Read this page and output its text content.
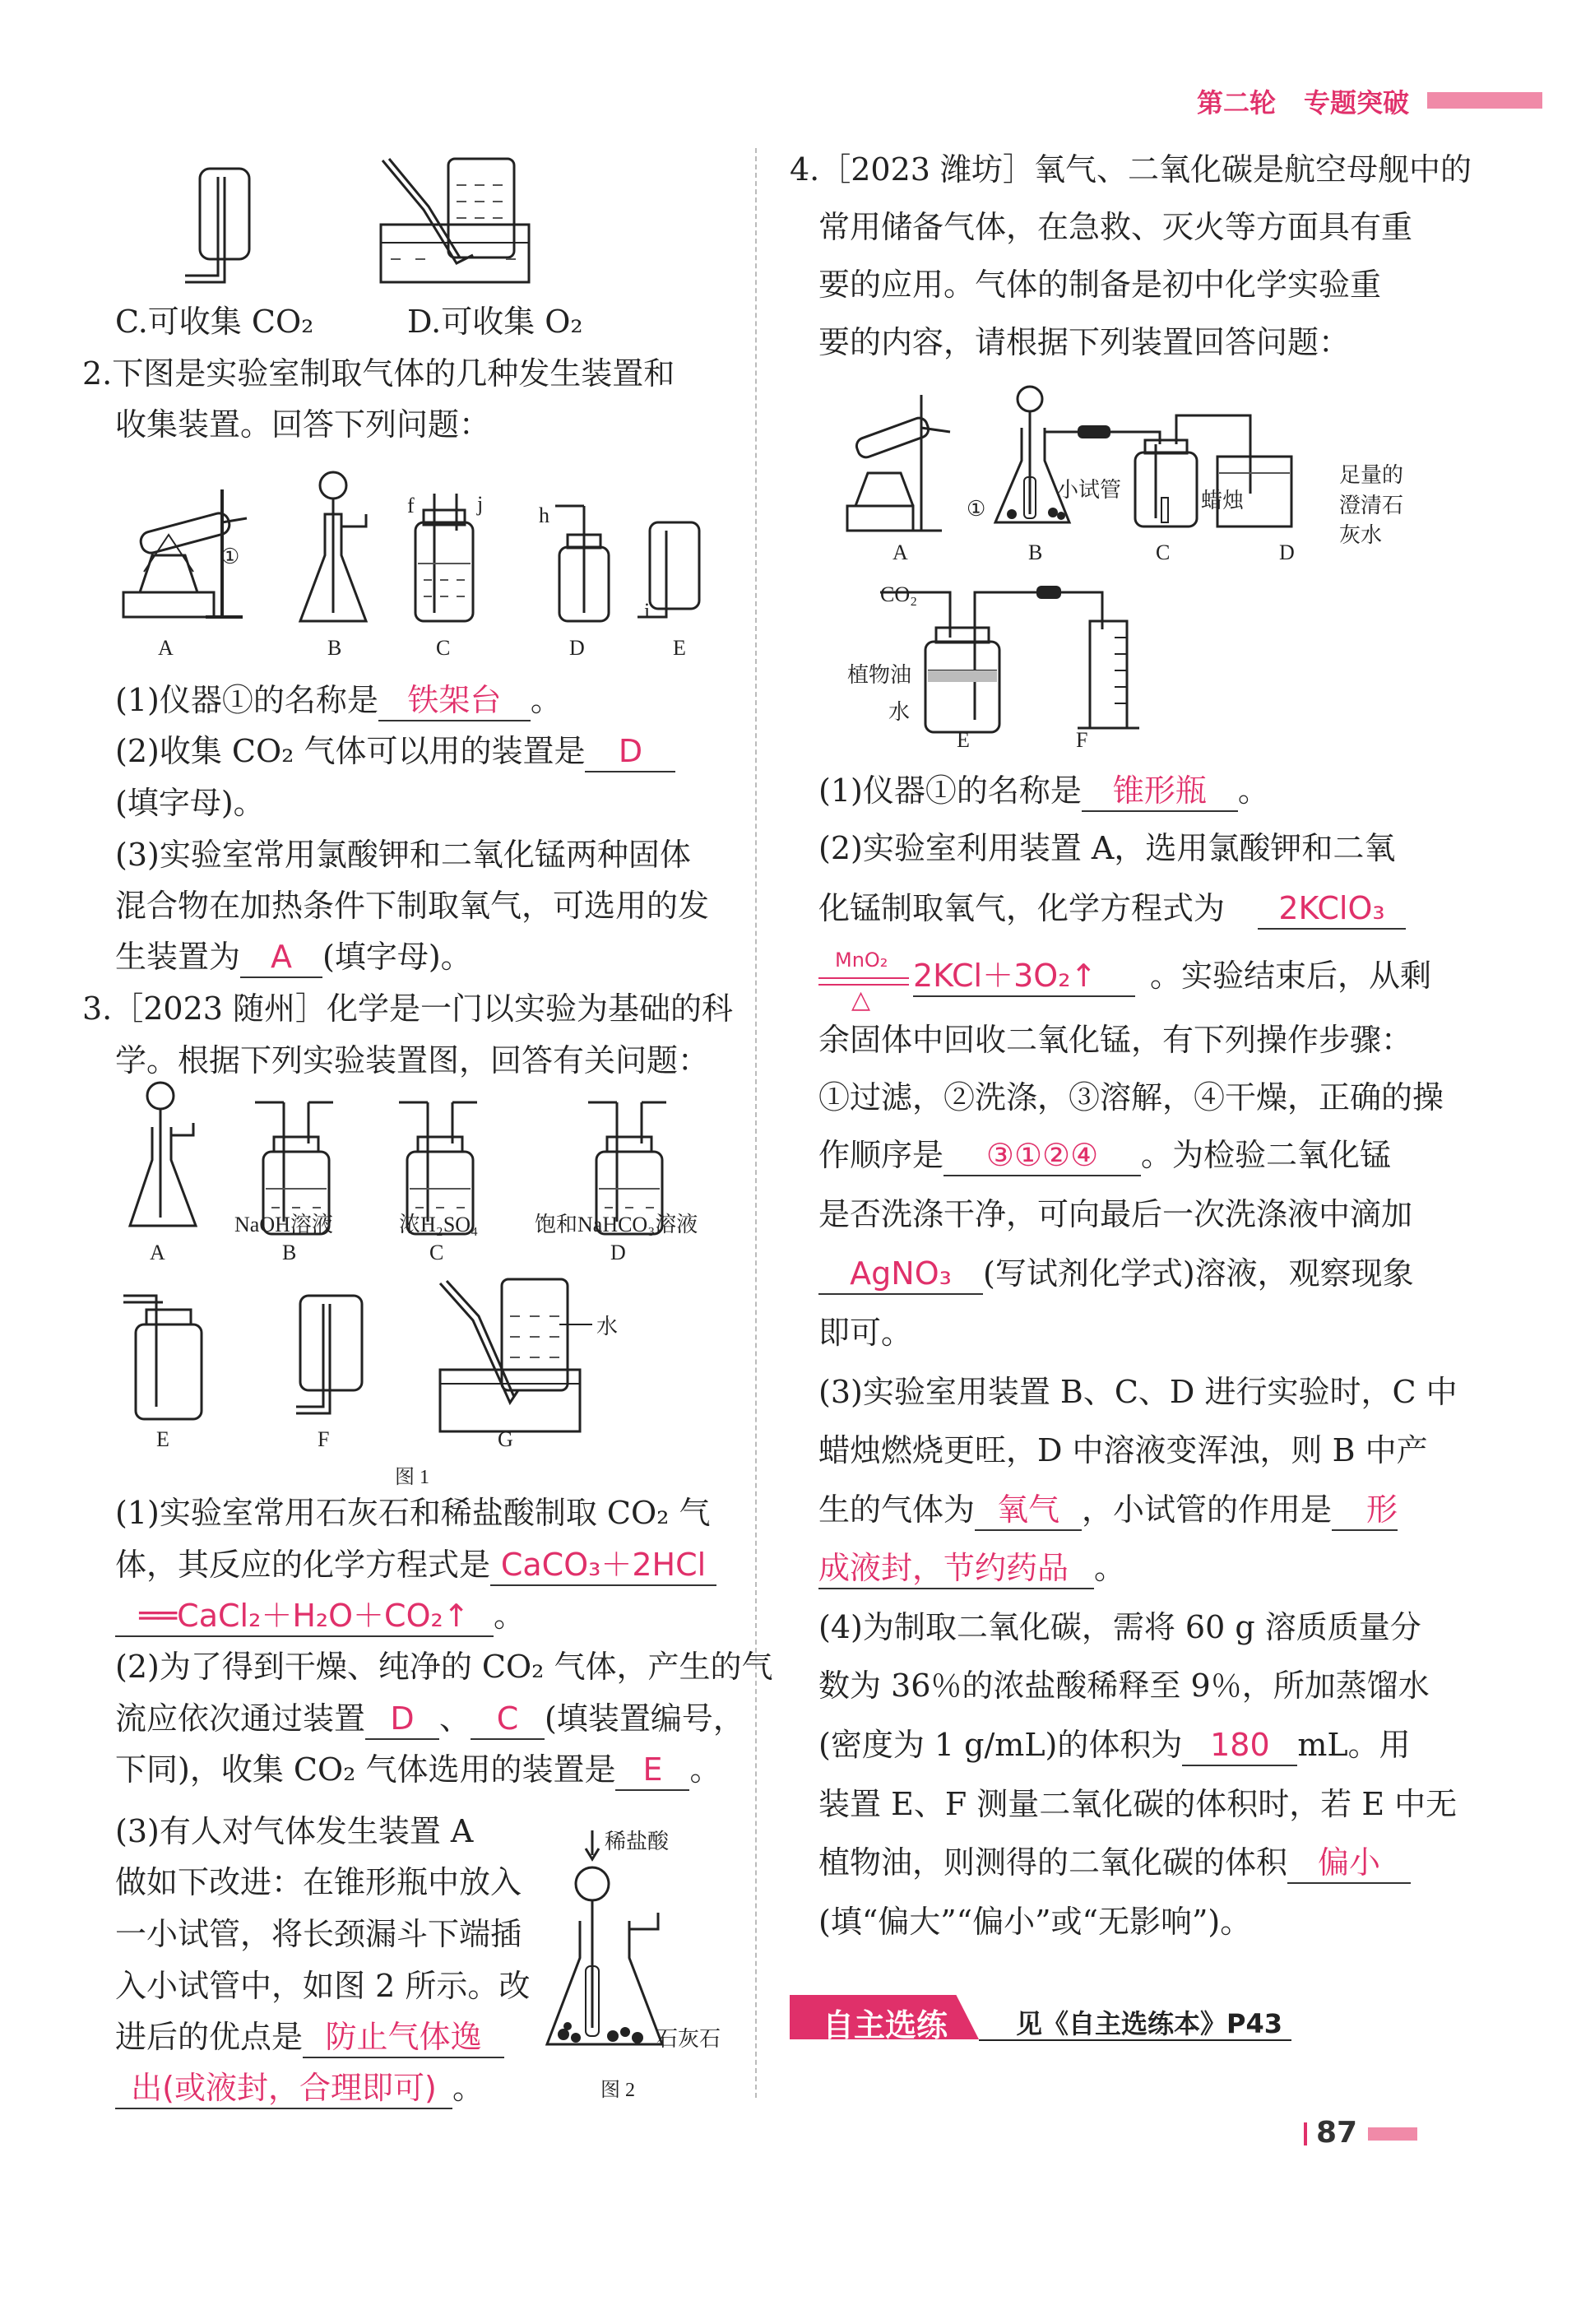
第二轮 专题突破
C.可收集 CO₂	D.可收集 O₂
2.下图是实验室制取气体的几种发生装置和
收集装置。回答下列问题：
f	j	h
i
①
A	B	C	D	E
(1)仪器①的名称是 铁架台 。
(2)收集 CO₂ 气体可以用的装置是 D
(填字母)。
(3)实验室常用氯酸钾和二氧化锰两种固体
混合物在加热条件下制取氧气，可选用的发
生装置为 A (填字母)。
3.［2023 随州］化学是一门以实验为基础的科
学。根据下列实验装置图，回答有关问题：
A
NaOH溶液
B
浓H₂SO₄
C
饱和NaHCO₃溶液
D
水
E	F	G
图 1
(1)实验室常用石灰石和稀盐酸制取 CO₂ 气
体，其反应的化学方程式是 CaCO₃＋2HCl
══CaCl₂＋H₂O＋CO₂↑ 。
(2)为了得到干燥、纯净的 CO₂ 气体，产生的气
流应依次通过装置 D 、 C (填装置编号，
下同)，收集 CO₂ 气体选用的装置是 E 。
(3)有人对气体发生装置 A
做如下改进：在锥形瓶中放入
一小试管，将长颈漏斗下端插
入小试管中，如图 2 所示。改
进后的优点是 防止气体逸
出(或液封，合理即可) 。
稀盐酸
石灰石
图 2
4.［2023 潍坊］氧气、二氧化碳是航空母舰中的
常用储备气体，在急救、灭火等方面具有重
要的应用。气体的制备是初中化学实验重
要的内容，请根据下列装置回答问题：
小试管	蜡烛
足量的
澄清石
灰水
①
A	B	C	D
CO₂
植物油
水
E	F
(1)仪器①的名称是 锥形瓶 。
(2)实验室利用装置 A，选用氯酸钾和二氧
化锰制取氧气，化学方程式为 2KClO₃
MnO₂
△
2KCl＋3O₂↑ 。实验结束后，从剩
余固体中回收二氧化锰，有下列操作步骤：
①过滤，②洗涤，③溶解，④干燥，正确的操
作顺序是 ③①②④ 。为检验二氧化锰
是否洗涤干净，可向最后一次洗涤液中滴加
AgNO₃ (写试剂化学式)溶液，观察现象
即可。
(3)实验室用装置 B、C、D 进行实验时，C 中
蜡烛燃烧更旺，D 中溶液变浑浊，则 B 中产
生的气体为 氧气 ，小试管的作用是 形
成液封，节约药品 。
(4)为制取二氧化碳，需将 60 g 溶质质量分
数为 36％的浓盐酸稀释至 9％，所加蒸馏水
(密度为 1 g/mL)的体积为 180 mL。用
装置 E、F 测量二氧化碳的体积时，若 E 中无
植物油，则测得的二氧化碳的体积 偏小
(填“偏大”“偏小”或“无影响”)。
自主选练	见《自主选练本》P43
87
